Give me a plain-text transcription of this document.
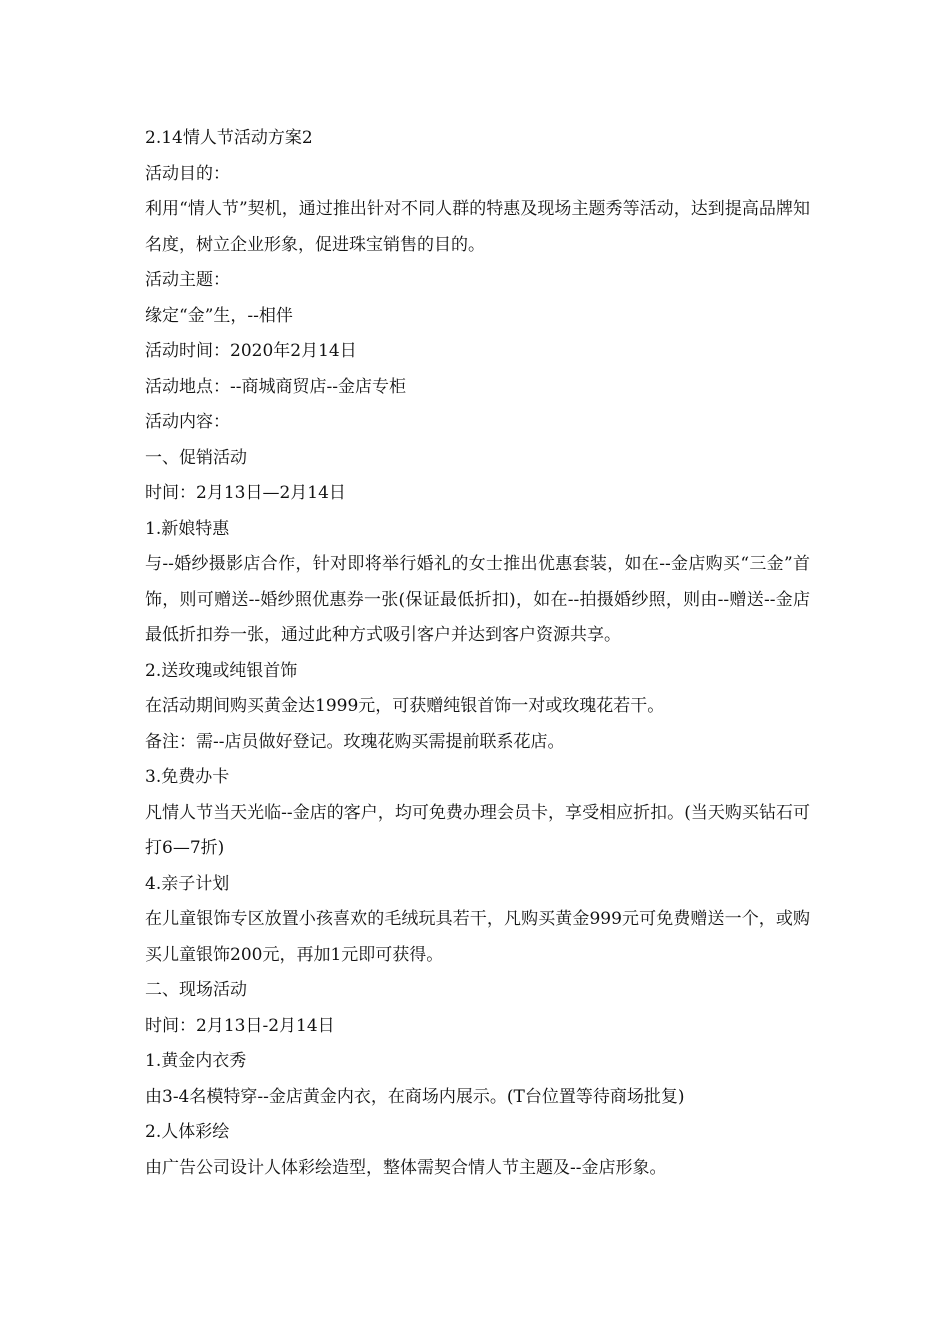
2.14情人节活动方案2
活动目的：
利用“情人节”契机，通过推出针对不同人群的特惠及现场主题秀等活动，达到提高品牌知名度，树立企业形象，促进珠宝销售的目的。
活动主题：
缘定“金”生，--相伴
活动时间：2020年2月14日
活动地点：--商城商贸店--金店专柜
活动内容：
一、促销活动
时间：2月13日—2月14日
1.新娘特惠
与--婚纱摄影店合作，针对即将举行婚礼的女士推出优惠套装，如在--金店购买“三金”首饰，则可赠送--婚纱照优惠券一张(保证最低折扣)，如在--拍摄婚纱照，则由--赠送--金店最低折扣券一张，通过此种方式吸引客户并达到客户资源共享。
2.送玫瑰或纯银首饰
在活动期间购买黄金达1999元，可获赠纯银首饰一对或玫瑰花若干。
备注：需--店员做好登记。玫瑰花购买需提前联系花店。
3.免费办卡
凡情人节当天光临--金店的客户，均可免费办理会员卡，享受相应折扣。(当天购买钻石可打6—7折)
4.亲子计划
在儿童银饰专区放置小孩喜欢的毛绒玩具若干，凡购买黄金999元可免费赠送一个，或购买儿童银饰200元，再加1元即可获得。
二、现场活动
时间：2月13日-2月14日
1.黄金内衣秀
由3-4名模特穿--金店黄金内衣，在商场内展示。(T台位置等待商场批复)
2.人体彩绘
由广告公司设计人体彩绘造型，整体需契合情人节主题及--金店形象。
